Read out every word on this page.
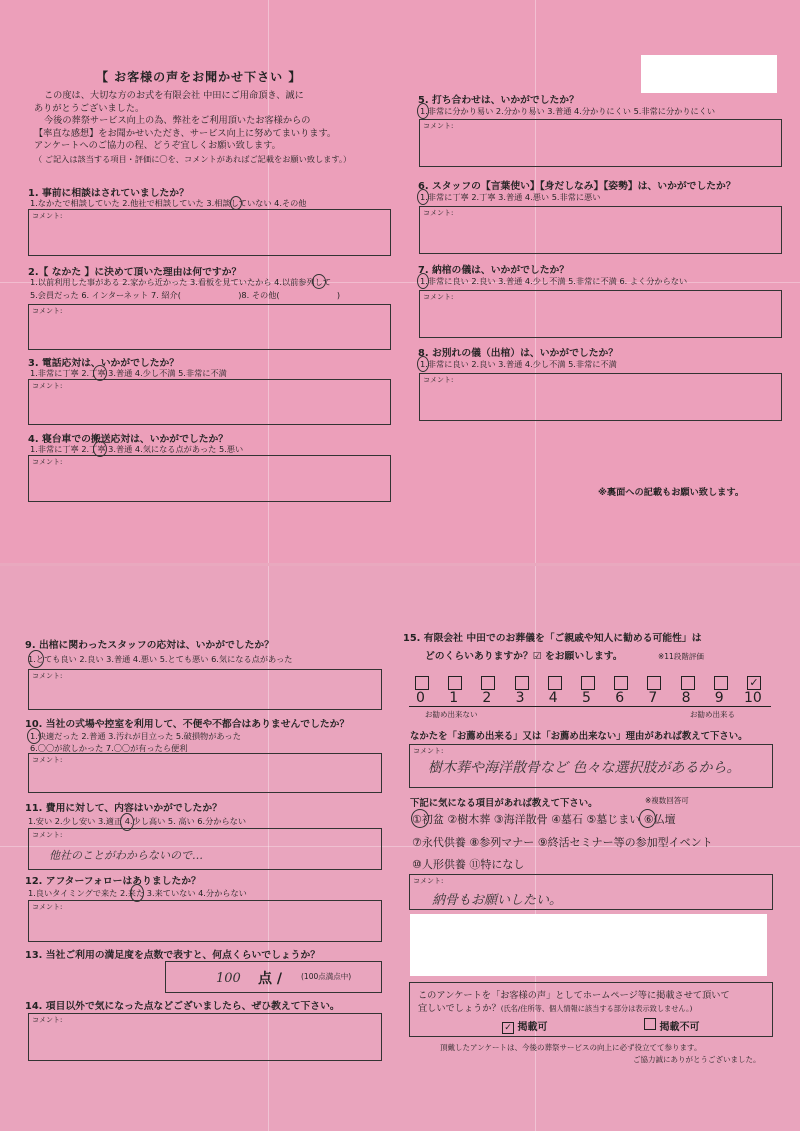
【 お客様の声をお聞かせ下さい 】
この度は、大切な方のお式を有限会社 中田にご用命頂き、誠に
ありがとうございました。
今後の葬祭サービス向上の為、弊社をご利用頂いたお客様からの
【率直な感想】をお聞かせいただき、サービス向上に努めてまいります。
アンケートへのご協力の程、どうぞ宜しくお願い致します。
（ ご記入は該当する項目・評価に〇を、コメントがあればご記載をお願い致します。）
1. 事前に相談はされていましたか？
1.なかたで相談していた 2.他社で相談していた 3.相談していない 4.その他
コメント:
2.【 なかた 】に決めて頂いた理由は何ですか？
1.以前利用した事がある 2.家から近かった 3.看板を見ていたから 4.以前参列して
5.会員だった 6. インターネット 7. 紹介(　　　　　　　)8. その他(　　　　　　　)
コメント:
3. 電話応対は、いかがでしたか？
1.非常に丁寧 2.丁寧 3.普通 4.少し不満 5.非常に不満
コメント:
4. 寝台車での搬送応対は、いかがでしたか？
1.非常に丁寧 2.丁寧 3.普通 4.気になる点があった 5.悪い
コメント:
5. 打ち合わせは、いかがでしたか？
1.非常に分かり易い 2.分かり易い 3.普通 4.分かりにくい 5.非常に分かりにくい
コメント:
6. スタッフの【言葉使い】【身だしなみ】【姿勢】は、いかがでしたか？
1.非常に丁寧 2.丁寧 3.普通 4.悪い 5.非常に悪い
コメント:
7. 納棺の儀は、いかがでしたか？
1.非常に良い 2.良い 3.普通 4.少し不満 5.非常に不満 6. よく分からない
コメント:
8. お別れの儀（出棺）は、いかがでしたか？
1.非常に良い 2.良い 3.普通 4.少し不満 5.非常に不満
コメント:
※裏面への記載もお願い致します。
9. 出棺に関わったスタッフの応対は、いかがでしたか？
1.とても良い 2.良い 3.普通 4.悪い 5.とても悪い 6.気になる点があった
コメント:
10. 当社の式場や控室を利用して、不便や不都合はありませんでしたか？
1.快適だった 2.普通 3.汚れが目立った 5.破損物があった
6.〇〇が欲しかった 7.〇〇が有ったら便利
コメント:
11. 費用に対して、内容はいかがでしたか？
1.安い 2.少し安い 3.適正 4.少し高い 5. 高い 6.分からない
コメント:
他社のことがわからないので…
12. アフターフォローはありましたか？
1.良いタイミングで来た 2.来た 3.来ていない 4.分からない
コメント:
13. 当社ご利用の満足度を点数で表すと、何点くらいでしょうか？
100 点 /	(100点満点中)
14. 項目以外で気になった点などございましたら、ぜひ教えて下さい。
コメント:
15. 有限会社 中田でのお葬儀を「ご親戚や知人に勧める可能性」は
どのくらいありますか？☑ をお願いします。	※11段階評価
0 1 2 3 4 5 6 7 8 9
✓
10
お勧め出来ない	お勧め出来る
なかたを「お薦め出来る」又は「お薦め出来ない」理由があれば教えて下さい。
コメント:
樹木葬や海洋散骨など 色々な選択肢があるから。
下記に気になる項目があれば教えて下さい。	※複数回答可
①初盆 ②樹木葬 ③海洋散骨 ④墓石 ⑤墓じまい ⑥仏壇
⑦永代供養 ⑧参列マナー ⑨終活セミナー等の参加型イベント
⑩人形供養 ⑪特になし
コメント:
納骨もお願いしたい。
このアンケートを「お客様の声」としてホームページ等に掲載させて頂いて
宜しいでしょうか？(氏名/住所等、個人情報に該当する部分は表示致しません。)
✓ 掲載可	掲載不可
頂戴したアンケートは、今後の葬祭サービスの向上に必ず役立てて参ります。
ご協力誠にありがとうございました。
